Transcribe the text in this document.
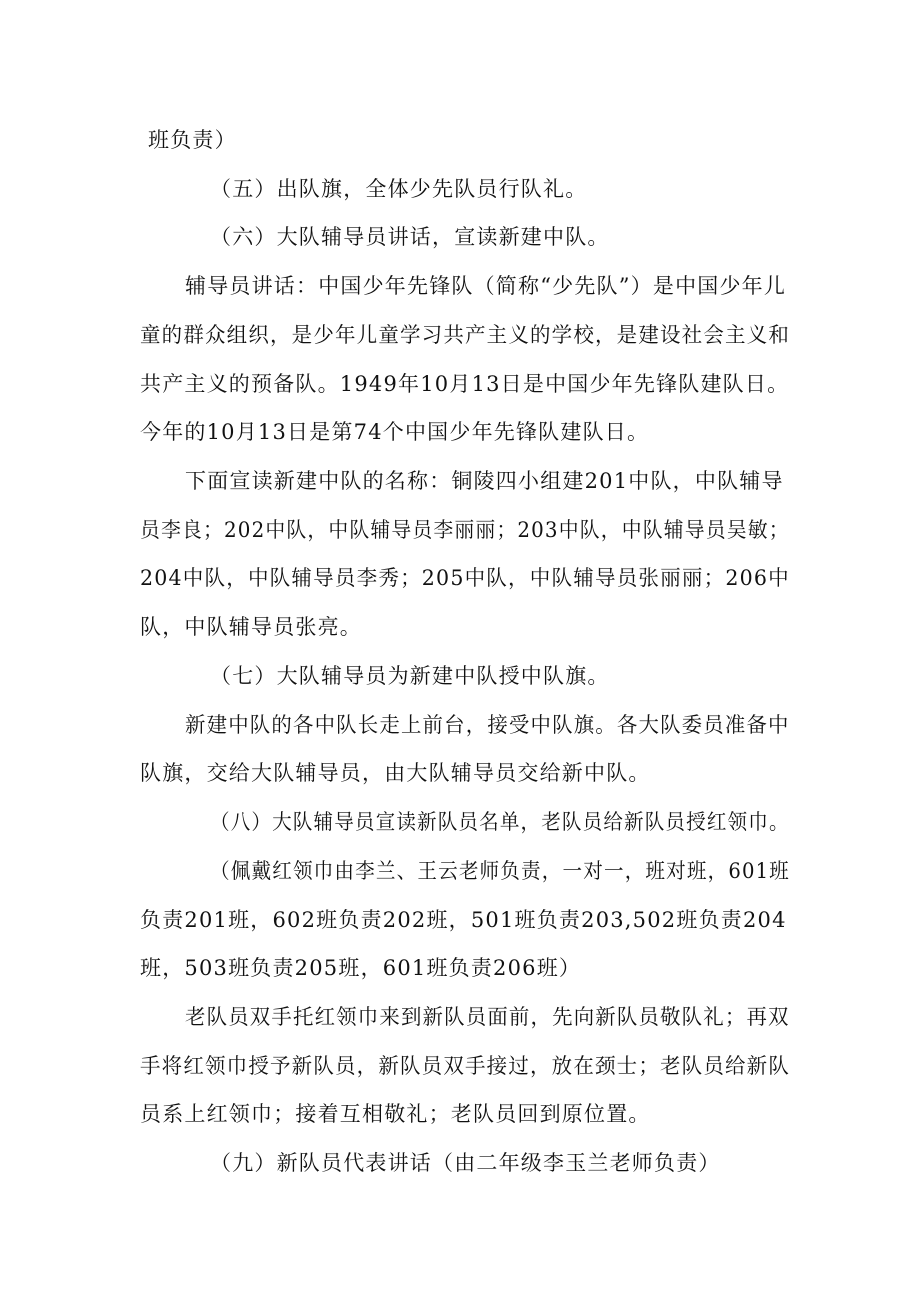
班负责）
（五）出队旗，全体少先队员行队礼。
（六）大队辅导员讲话，宣读新建中队。
辅导员讲话：中国少年先锋队（简称“少先队”）是中国少年儿
童的群众组织，是少年儿童学习共产主义的学校，是建设社会主义和
共产主义的预备队。1949年10月13日是中国少年先锋队建队日。
今年的10月13日是第74个中国少年先锋队建队日。
下面宣读新建中队的名称：铜陵四小组建201中队，中队辅导
员李良；202中队，中队辅导员李丽丽；203中队，中队辅导员吴敏；
204中队，中队辅导员李秀；205中队，中队辅导员张丽丽；206中
队，中队辅导员张亮。
（七）大队辅导员为新建中队授中队旗。
新建中队的各中队长走上前台，接受中队旗。各大队委员准备中
队旗，交给大队辅导员，由大队辅导员交给新中队。
（八）大队辅导员宣读新队员名单，老队员给新队员授红领巾。
（佩戴红领巾由李兰、王云老师负责，一对一，班对班，601班
负责201班，602班负责202班，501班负责203,502班负责204
班，503班负责205班，601班负责206班）
老队员双手托红领巾来到新队员面前，先向新队员敬队礼；再双
手将红领巾授予新队员，新队员双手接过，放在颈士；老队员给新队
员系上红领巾；接着互相敬礼；老队员回到原位置。
（九）新队员代表讲话（由二年级李玉兰老师负责）
